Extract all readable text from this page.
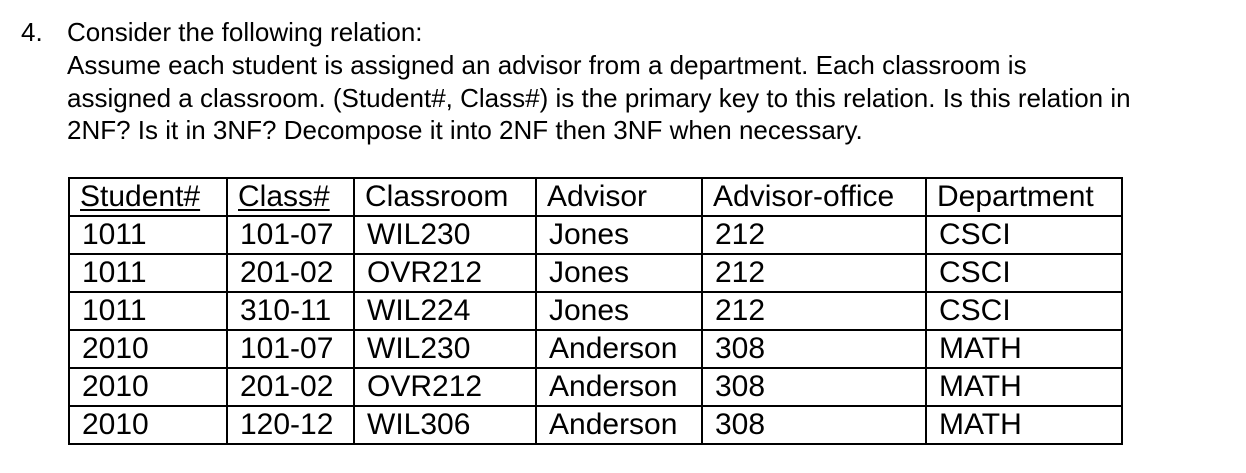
4. Consider the following relation:
Assume each student is assigned an advisor from a department. Each classroom is
assigned a classroom. (Student#, Class#) is the primary key to this relation. Is this relation in
2NF? Is it in 3NF? Decompose it into 2NF then 3NF when necessary.
Student#	Class#	Classroom	Advisor	Advisor-office	Department
1011	101-07	WIL230	Jones	212	CSCI
1011	201-02	OVR212	Jones	212	CSCI
1011	310-11	WIL224	Jones	212	CSCI
2010	101-07	WIL230	Anderson	308	MATH
2010	201-02	OVR212	Anderson	308	MATH
2010	120-12	WIL306	Anderson	308	MATH
